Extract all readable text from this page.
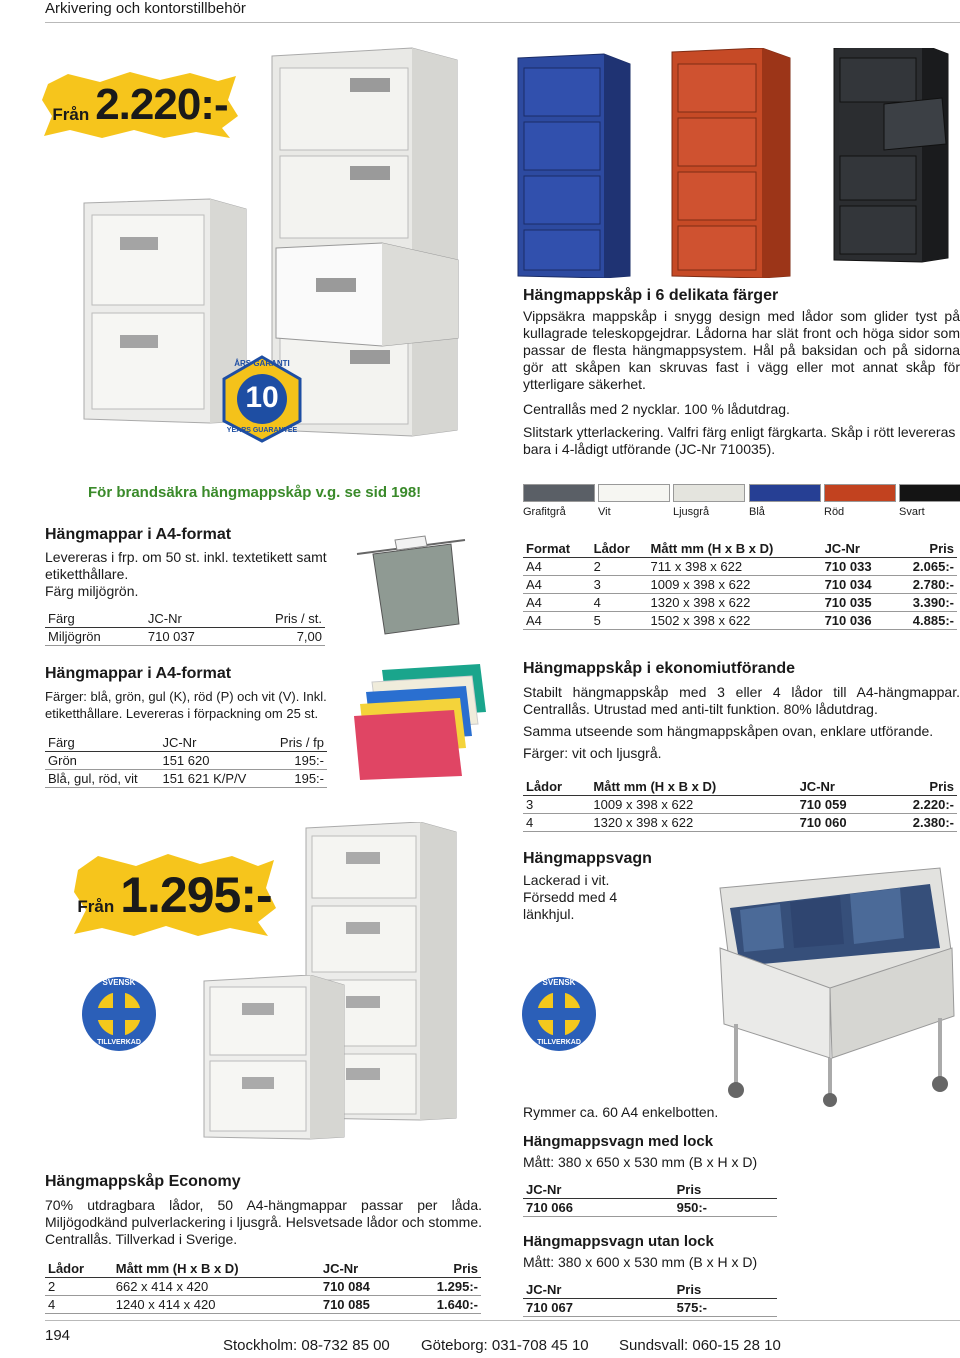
Arkivering och kontorstillbehör
Från 2.220:-
ÅRS GARANTI
10
YEARS GUARANTEE
Hängmappskåp i 6 delikata färger

Vippsäkra mappskåp i snygg design med lådor som glider tyst på kullagrade teleskopgejdrar. Lådorna har slät front och höga sidor som passar de flesta hängmappsystem. Hål på baksidan och på sidorna gör att skåpen kan skruvas fast i vägg eller mot annat skåp för ytterligare säkerhet.

Centrallås med 2 nycklar. 100 % lådutdrag.

Slitstark ytterlackering. Valfri färg enligt färgkarta. Skåp i rött levereras bara i 4-lådigt utförande (JC-Nr 710035).

För brandsäkra hängmappskåp v.g. se sid 198!
Grafitgrå	Vit	Ljusgrå	Blå	Röd	Svart
Format	Lådor	Mått mm (H x B x D)	JC-Nr	Pris
A4	2	711 x 398 x 622	710 033	2.065:-
A4	3	1009 x 398 x 622	710 034	2.780:-
A4	4	1320 x 398 x 622	710 035	3.390:-
A4	5	1502 x 398 x 622	710 036	4.885:-
Hängmappar i A4-format

Levereras i frp. om 50 st. inkl. textetikett samt etiketthållare.

Färg miljögrön.

Färg	JC-Nr	Pris / st.
Miljögrön	710 037	7,00
Hängmappar i A4-format

Färger: blå, grön, gul (K), röd (P) och vit (V). Inkl. etiketthållare. Levereras i förpackning om 25 st.

Färg	JC-Nr	Pris / fp
Grön	151 620	195:-
Blå, gul, röd, vit	151 621 K/P/V	195:-
Hängmappskåp i ekonomiutförande

Stabilt hängmappskåp med 3 eller 4 lådor till A4-hängmappar. Centrallås. Utrustad med anti-tilt funktion. 80% lådutdrag.

Samma utseende som hängmappskåpen ovan, enklare utförande.

Färger: vit och ljusgrå.

Lådor	Mått mm (H x B x D)	JC-Nr	Pris
3	1009 x 398 x 622	710 059	2.220:-
4	1320 x 398 x 622	710 060	2.380:-
Från 1.295:-
SVENSK
TILLVERKAD
SVENSK
TILLVERKAD
Hängmappsvagn

Lackerad i vit. Försedd med 4 länkhjul.

Rymmer ca. 60 A4 enkelbotten.

Hängmappsvagn med lock

Mått: 380 x 650 x 530 mm (B x H x D)

JC-Nr	Pris
710 066	950:-
Hängmappsvagn utan lock

Mått: 380 x 600 x 530 mm (B x H x D)

JC-Nr	Pris
710 067	575:-
Hängmappskåp Economy

70% utdragbara lådor, 50 A4-hängmappar passar per låda. Miljögodkänd pulverlackering i ljusgrå. Helsvetsade lådor och stomme. Centrallås. Tillverkad i Sverige.

Lådor	Mått mm (H x B x D)	JC-Nr	Pris
2	662 x 414 x 420	710 084	1.295:-
4	1240 x 414 x 420	710 085	1.640:-
194
Stockholm: 08-732 85 00 Göteborg: 031-708 45 10 Sundsvall: 060-15 28 10
